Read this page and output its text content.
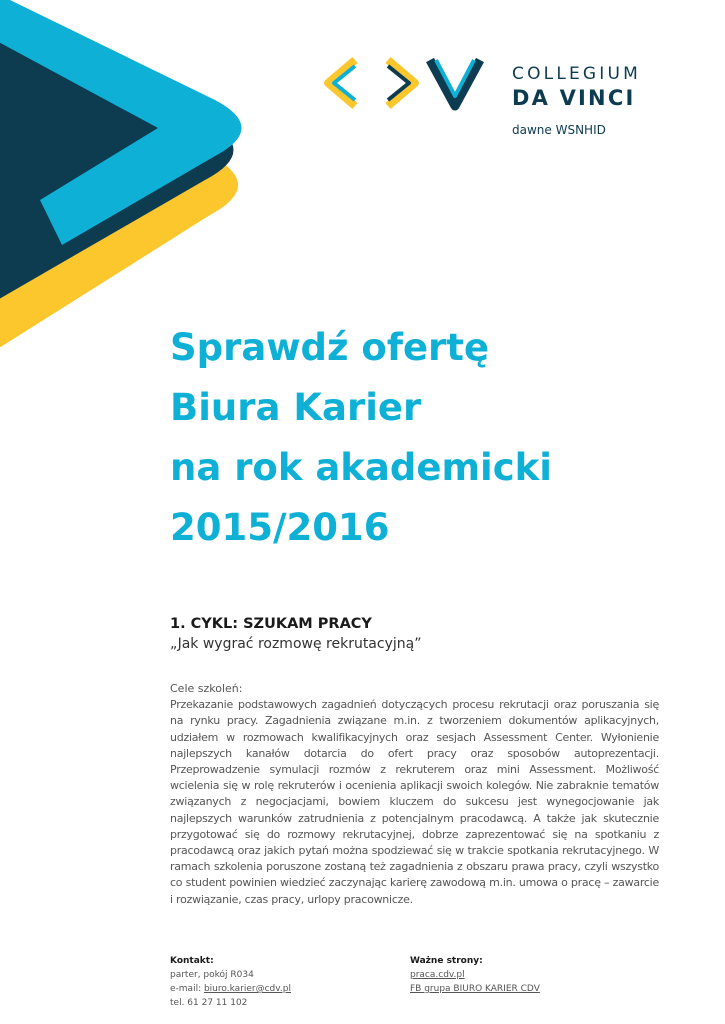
COLLEGIUM
DA VINCI
dawne WSNHID
Sprawdź ofertę
Biura Karier
na rok akademicki
2015/2016
1. CYKL: SZUKAM PRACY
„Jak wygrać rozmowę rekrutacyjną”
Cele szkoleń:

Przekazanie podstawowych zagadnień dotyczących procesu rekrutacji oraz poruszania się na rynku pracy. Zagadnienia związane m.in. z tworzeniem dokumentów aplikacyjnych, udziałem w rozmowach kwalifikacyjnych oraz sesjach Assessment Center. Wyłonienie najlepszych kanałów dotarcia do ofert pracy oraz sposobów autoprezentacji. Przeprowadzenie symulacji rozmów z rekruterem oraz mini Assessment. Możliwość wcielenia się w rolę rekruterów i ocenienia aplikacji swoich kolegów. Nie zabraknie tematów związanych z negocjacjami, bowiem kluczem do sukcesu jest wynegocjowanie jak najlepszych warunków zatrudnienia z potencjalnym pracodawcą. A także jak skutecznie przygotować się do rozmowy rekrutacyjnej, dobrze zaprezentować się na spotkaniu z pracodawcą oraz jakich pytań można spodziewać się w trakcie spotkania rekrutacyjnego. W ramach szkolenia poruszone zostaną też zagadnienia z obszaru prawa pracy, czyli wszystko co student powinien wiedzieć zaczynając karierę zawodową m.in. umowa o pracę – zawarcie i rozwiązanie, czas pracy, urlopy pracownicze.

Kontakt:
parter, pokój R034
e-mail: biuro.karier@cdv.pl
tel. 61 27 11 102
Ważne strony:
praca.cdv.pl
FB grupa BIURO KARIER CDV
